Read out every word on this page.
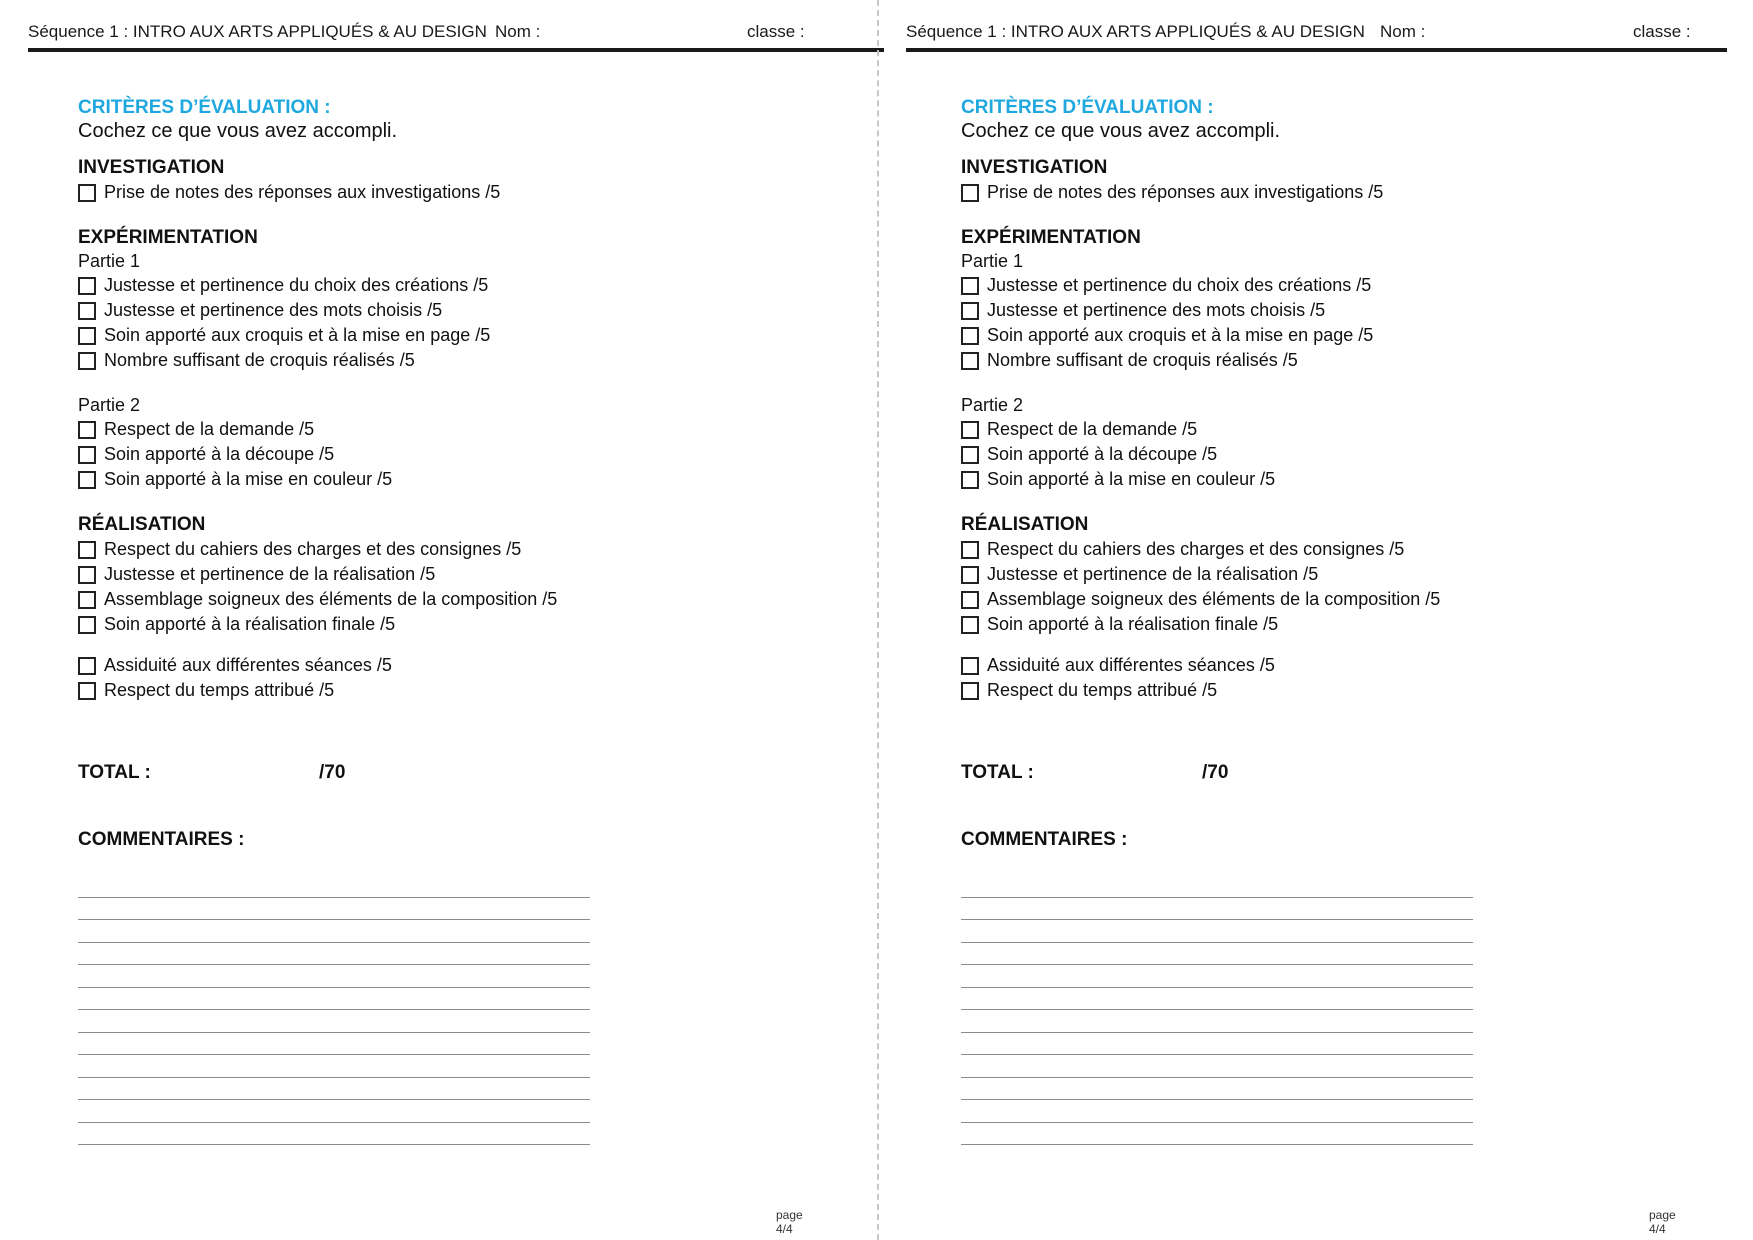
Séquence 1 : INTRO AUX ARTS APPLIQUÉS & AU DESIGN Nom :	classe :	Séquence 1 : INTRO AUX ARTS APPLIQUÉS & AU DESIGN Nom :	classe :
CRITÈRES D’ÉVALUATION :
Cochez ce que vous avez accompli.
INVESTIGATION
Prise de notes des réponses aux investigations /5
EXPÉRIMENTATION
Partie 1
Justesse et pertinence du choix des créations /5
Justesse et pertinence des mots choisis /5
Soin apporté aux croquis et à la mise en page /5
Nombre suffisant de croquis réalisés /5
Partie 2
Respect de la demande /5
Soin apporté à la découpe /5
Soin apporté à la mise en couleur /5
RÉALISATION
Respect du cahiers des charges et des consignes /5
Justesse et pertinence de la réalisation /5
Assemblage soigneux des éléments de la composition /5
Soin apporté à la réalisation finale /5
Assiduité aux différentes séances /5
Respect du temps attribué /5
TOTAL :	/70
COMMENTAIRES :
page 4/4
CRITÈRES D’ÉVALUATION :
Cochez ce que vous avez accompli.
INVESTIGATION
Prise de notes des réponses aux investigations /5
EXPÉRIMENTATION
Partie 1
Justesse et pertinence du choix des créations /5
Justesse et pertinence des mots choisis /5
Soin apporté aux croquis et à la mise en page /5
Nombre suffisant de croquis réalisés /5
Partie 2
Respect de la demande /5
Soin apporté à la découpe /5
Soin apporté à la mise en couleur /5
RÉALISATION
Respect du cahiers des charges et des consignes /5
Justesse et pertinence de la réalisation /5
Assemblage soigneux des éléments de la composition /5
Soin apporté à la réalisation finale /5
Assiduité aux différentes séances /5
Respect du temps attribué /5
TOTAL :	/70
COMMENTAIRES :
page 4/4
